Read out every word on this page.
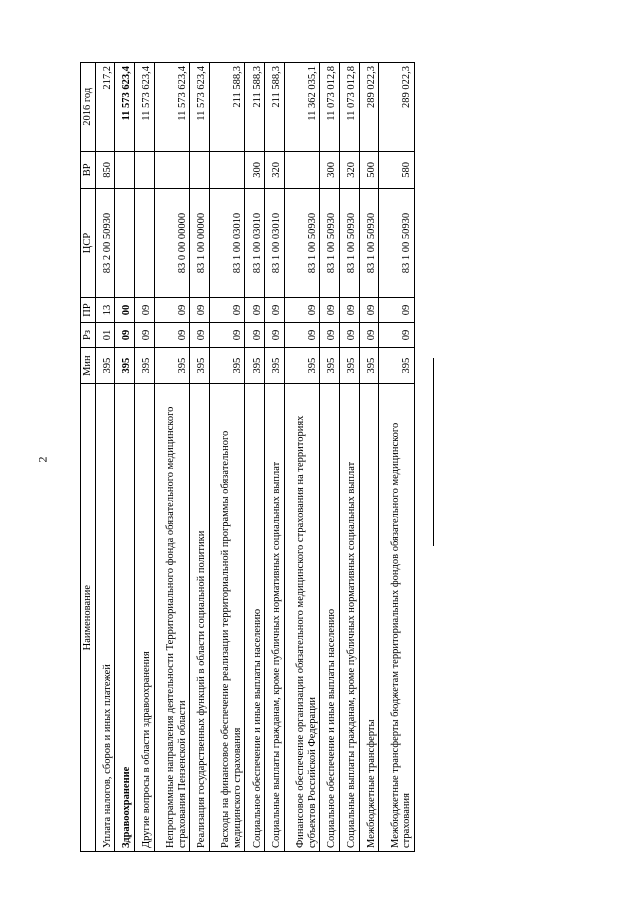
2
Наименование	Мин	Рз	ПР	ЦСР	ВР	2016 год
Уплата налогов, сборов и иных платежей	395	01	13	83 2 00 50930	850	217,2
Здравоохранение	395	09	00			11 573 623,4
Другие вопросы в области здравоохранения	395	09	09			11 573 623,4
Непрограммные направления деятельности Территориального фонда обязательного медицинского страхования Пензенской области	395	09	09	83 0 00 00000		11 573 623,4
Реализация государственных функций в области социальной политики	395	09	09	83 1 00 00000		11 573 623,4
Расходы на финансовое обеспечение реализации территориальной программы обязательного медицинского страхования	395	09	09	83 1 00 03010		211 588,3
Социальное обеспечение и иные выплаты населению	395	09	09	83 1 00 03010	300	211 588,3
Социальные выплаты гражданам, кроме публичных нормативных социальных выплат	395	09	09	83 1 00 03010	320	211 588,3
Финансовое обеспечение организации обязательного медицинского страхования на территориях субъектов Российской Федерации	395	09	09	83 1 00 50930		11 362 035,1
Социальное обеспечение и иные выплаты населению	395	09	09	83 1 00 50930	300	11 073 012,8
Социальные выплаты гражданам, кроме публичных нормативных социальных выплат	395	09	09	83 1 00 50930	320	11 073 012,8
Межбюджетные трансферты	395	09	09	83 1 00 50930	500	289 022,3
Межбюджетные трансферты бюджетам территориальных фондов обязательного медицинского страхования	395	09	09	83 1 00 50930	580	289 022,3
